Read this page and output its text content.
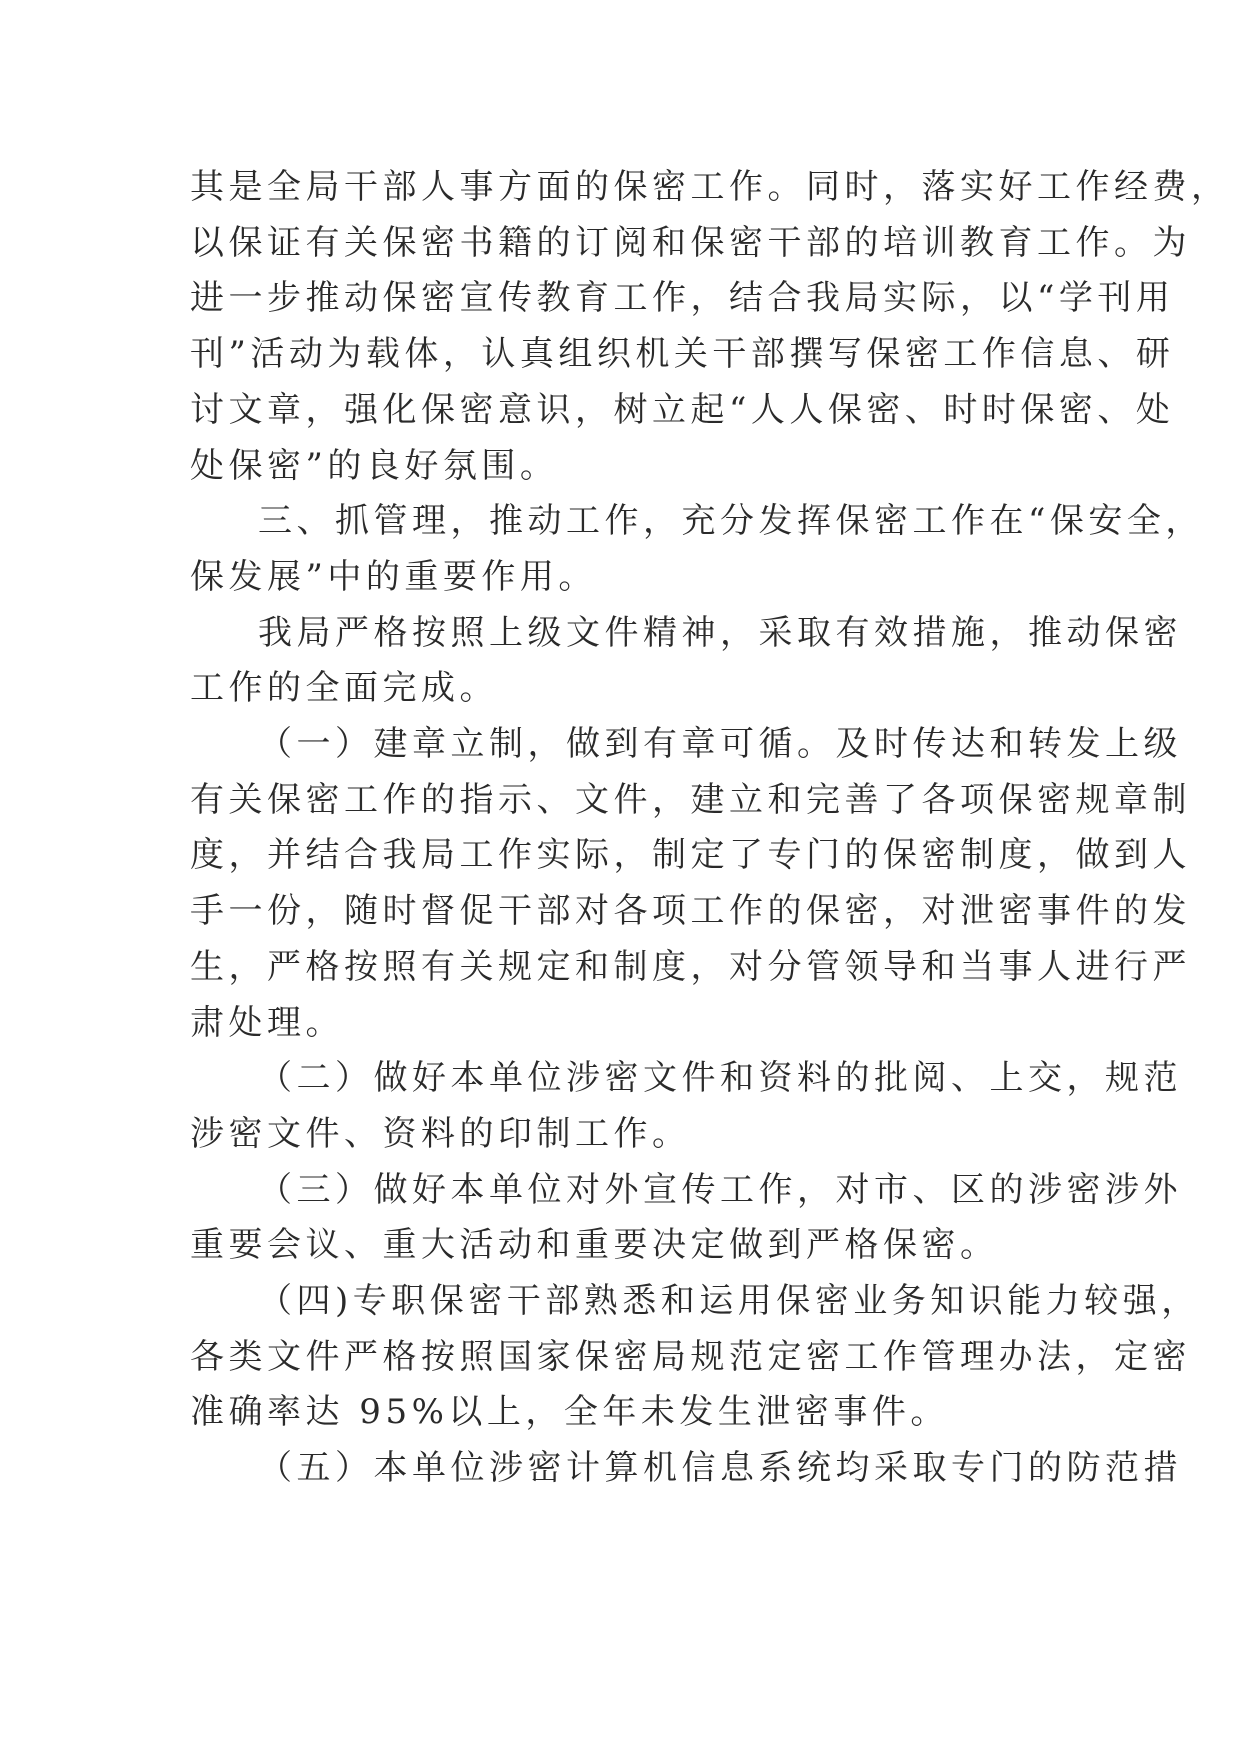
其是全局干部人事方面的保密工作。同时，落实好工作经费，
以保证有关保密书籍的订阅和保密干部的培训教育工作。为
进一步推动保密宣传教育工作，结合我局实际，以“学刊用
刊”活动为载体，认真组织机关干部撰写保密工作信息、研
讨文章，强化保密意识，树立起“人人保密、时时保密、处
处保密”的良好氛围。
三、抓管理，推动工作，充分发挥保密工作在“保安全，
保发展”中的重要作用。
我局严格按照上级文件精神，采取有效措施，推动保密
工作的全面完成。
（一）建章立制，做到有章可循。及时传达和转发上级
有关保密工作的指示、文件，建立和完善了各项保密规章制
度，并结合我局工作实际，制定了专门的保密制度，做到人
手一份，随时督促干部对各项工作的保密，对泄密事件的发
生，严格按照有关规定和制度，对分管领导和当事人进行严
肃处理。
（二）做好本单位涉密文件和资料的批阅、上交，规范
涉密文件、资料的印制工作。
（三）做好本单位对外宣传工作，对市、区的涉密涉外
重要会议、重大活动和重要决定做到严格保密。
（四)专职保密干部熟悉和运用保密业务知识能力较强，
各类文件严格按照国家保密局规范定密工作管理办法，定密
准确率达 95%以上，全年未发生泄密事件。
（五）本单位涉密计算机信息系统均采取专门的防范措
